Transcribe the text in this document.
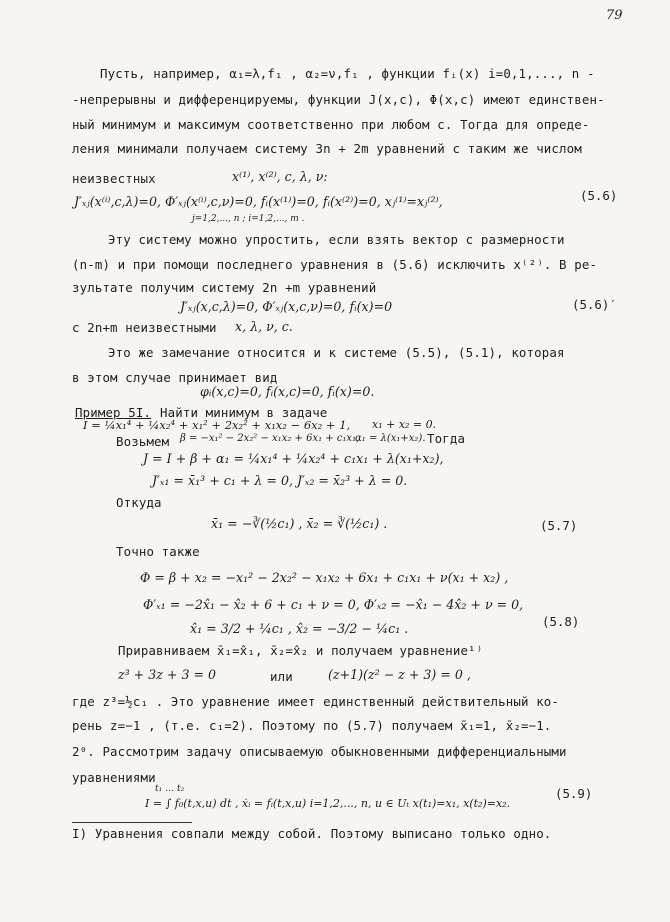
79
Пусть, например, α₁=λ,f₁ , α₂=ν,f₁ , функции fᵢ(x) i=0,1,..., n -
-непрерывны и дифференцируемы, функции J(x,c), Φ(x,c) имеют единствен-
ный минимум и максимум соответственно при любом c. Тогда для опреде-
ления минимали получаем систему 3n + 2m уравнений с таким же числом
неизвестных	x⁽¹⁾, x⁽²⁾, c, λ, ν:
J′ₓⱼ(x⁽ⁱ⁾,c,λ)=0, Φ′ₓⱼ(x⁽ⁱ⁾,c,ν)=0, fᵢ(x⁽¹⁾)=0, fᵢ(x⁽²⁾)=0, xⱼ⁽¹⁾=xⱼ⁽²⁾,
j=1,2,..., n ; i=1,2,..., m .
(5.6)
Эту систему можно упростить, если взять вектор c размерности
(n-m) и при помощи последнего уравнения в (5.6) исключить x⁽²⁾. В ре-
зультате получим систему 2n +m уравнений
J′ₓⱼ(x,c,λ)=0, Φ′ₓⱼ(x,c,ν)=0, fᵢ(x)=0	(5.6)′
с 2n+m неизвестными x, λ, ν, c.
Это же замечание относится и к системе (5.5), (5.1), которая
в этом случае принимает вид
φᵢ(x,c)=0, fᵢ(x,c)=0, fᵢ(x)=0.
Пример 5I. Найти минимум в задаче
I = ¼x₁⁴ + ¼x₂⁴ + x₁² + 2x₂² + x₁x₂ − 6x₂ + 1, x₁ + x₂ = 0.
Возьмем β = −x₁² − 2x₂² − x₁x₂ + 6x₁ + c₁x₁,
α₁ = λ(x₁+x₂). Тогда
J = I + β + α₁ = ¼x₁⁴ + ¼x₂⁴ + c₁x₁ + λ(x₁+x₂),
J′ₓ₁ = x̄₁³ + c₁ + λ = 0, J′ₓ₂ = x̄₂³ + λ = 0.
Откуда
x̄₁ = −∛(½c₁) , x̄₂ = ∛(½c₁) .	(5.7)
Точно также
Φ = β + x₂ = −x₁² − 2x₂² − x₁x₂ + 6x₁ + c₁x₁ + ν(x₁ + x₂) ,
Φ′ₓ₁ = −2x̂₁ − x̂₂ + 6 + c₁ + ν = 0, Φ′ₓ₂ = −x̂₁ − 4x̂₂ + ν = 0,
x̂₁ = 3/2 + ¼c₁ , x̂₂ = −3/2 − ¼c₁ .	(5.8)
Приравниваем x̄₁=x̂₁, x̄₂=x̂₂ и получаем уравнение¹⁾
z³ + 3z + 3 = 0	или	(z+1)(z² − z + 3) = 0 ,
где z³=½c₁ . Это уравнение имеет единственный действительный ко-
рень z=−1 , (т.е. c₁=2). Поэтому по (5.7) получаем x̄₁=1, x̄₂=−1.
2⁰. Рассмотрим задачу описываемую обыкновенными дифференциальными
уравнениями
t₁ … t₂
I = ∫ f₀(t,x,u) dt , ẋᵢ = fᵢ(t,x,u) i=1,2,..., n, u ∈ Uₜ x(t₁)=x₁, x(t₂)=x₂.
(5.9)
I) Уравнения совпали между собой. Поэтому выписано только одно.
